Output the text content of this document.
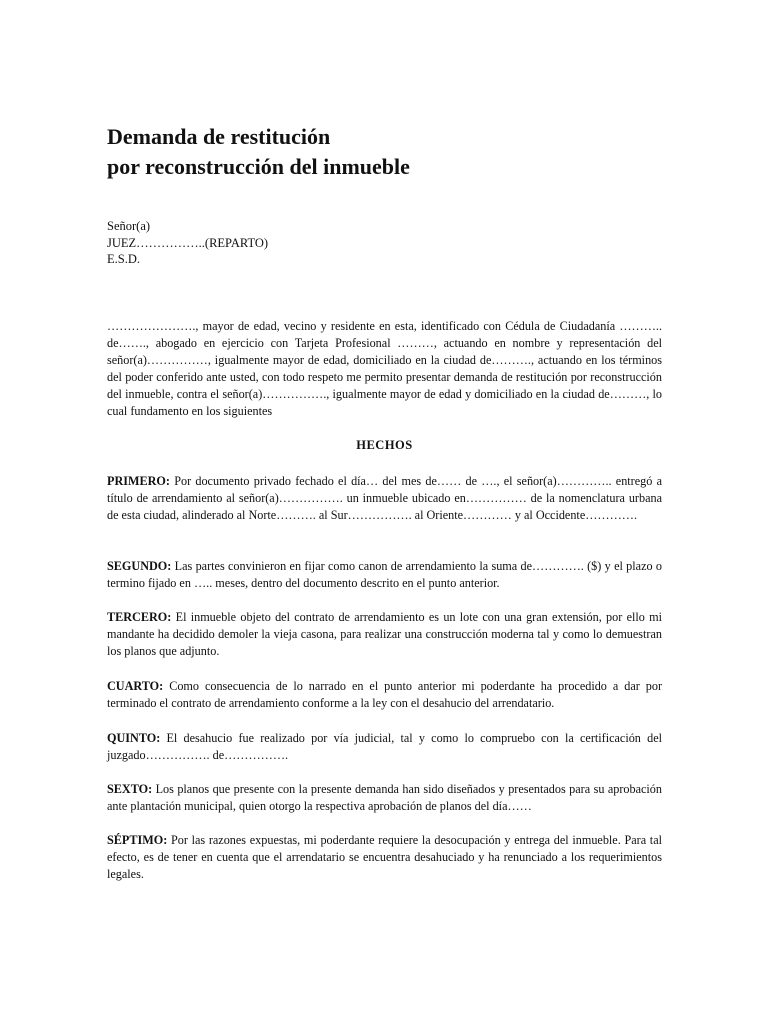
Demanda de restitución
por reconstrucción del inmueble
Señor(a)
JUEZ……………..(REPARTO)
E.S.D.

…………………., mayor de edad, vecino y residente en esta, identificado con Cédula de Ciudadanía ……….. de……., abogado en ejercicio con Tarjeta Profesional ………, actuando en nombre y representación del señor(a)……………, igualmente mayor de edad, domiciliado en la ciudad de………., actuando en los términos del poder conferido ante usted, con todo respeto me permito presentar demanda de restitución por reconstrucción del inmueble, contra el señor(a)……………., igualmente mayor de edad y domiciliado en la ciudad de………, lo cual fundamento en los siguientes

HECHOS

PRIMERO: Por documento privado fechado el día… del mes de…… de …., el señor(a)………….. entregó a título de arrendamiento al señor(a)……………. un inmueble ubicado en…………… de la nomenclatura urbana de esta ciudad, alinderado al Norte………. al Sur……………. al Oriente………… y al Occidente………….

SEGUNDO: Las partes convinieron en fijar como canon de arrendamiento la suma de…………. ($) y el plazo o termino fijado en ….. meses, dentro del documento descrito en el punto anterior.

TERCERO: El inmueble objeto del contrato de arrendamiento es un lote con una gran extensión, por ello mi mandante ha decidido demoler la vieja casona, para realizar una construcción moderna tal y como lo demuestran los planos que adjunto.

CUARTO: Como consecuencia de lo narrado en el punto anterior mi poderdante ha procedido a dar por terminado el contrato de arrendamiento conforme a la ley con el desahucio del arrendatario.

QUINTO: El desahucio fue realizado por vía judicial, tal y como lo compruebo con la certificación del juzgado……………. de…………….

SEXTO: Los planos que presente con la presente demanda han sido diseñados y presentados para su aprobación ante plantación municipal, quien otorgo la respectiva aprobación de planos del día……

SÉPTIMO: Por las razones expuestas, mi poderdante requiere la desocupación y entrega del inmueble. Para tal efecto, es de tener en cuenta que el arrendatario se encuentra desahuciado y ha renunciado a los requerimientos legales.
